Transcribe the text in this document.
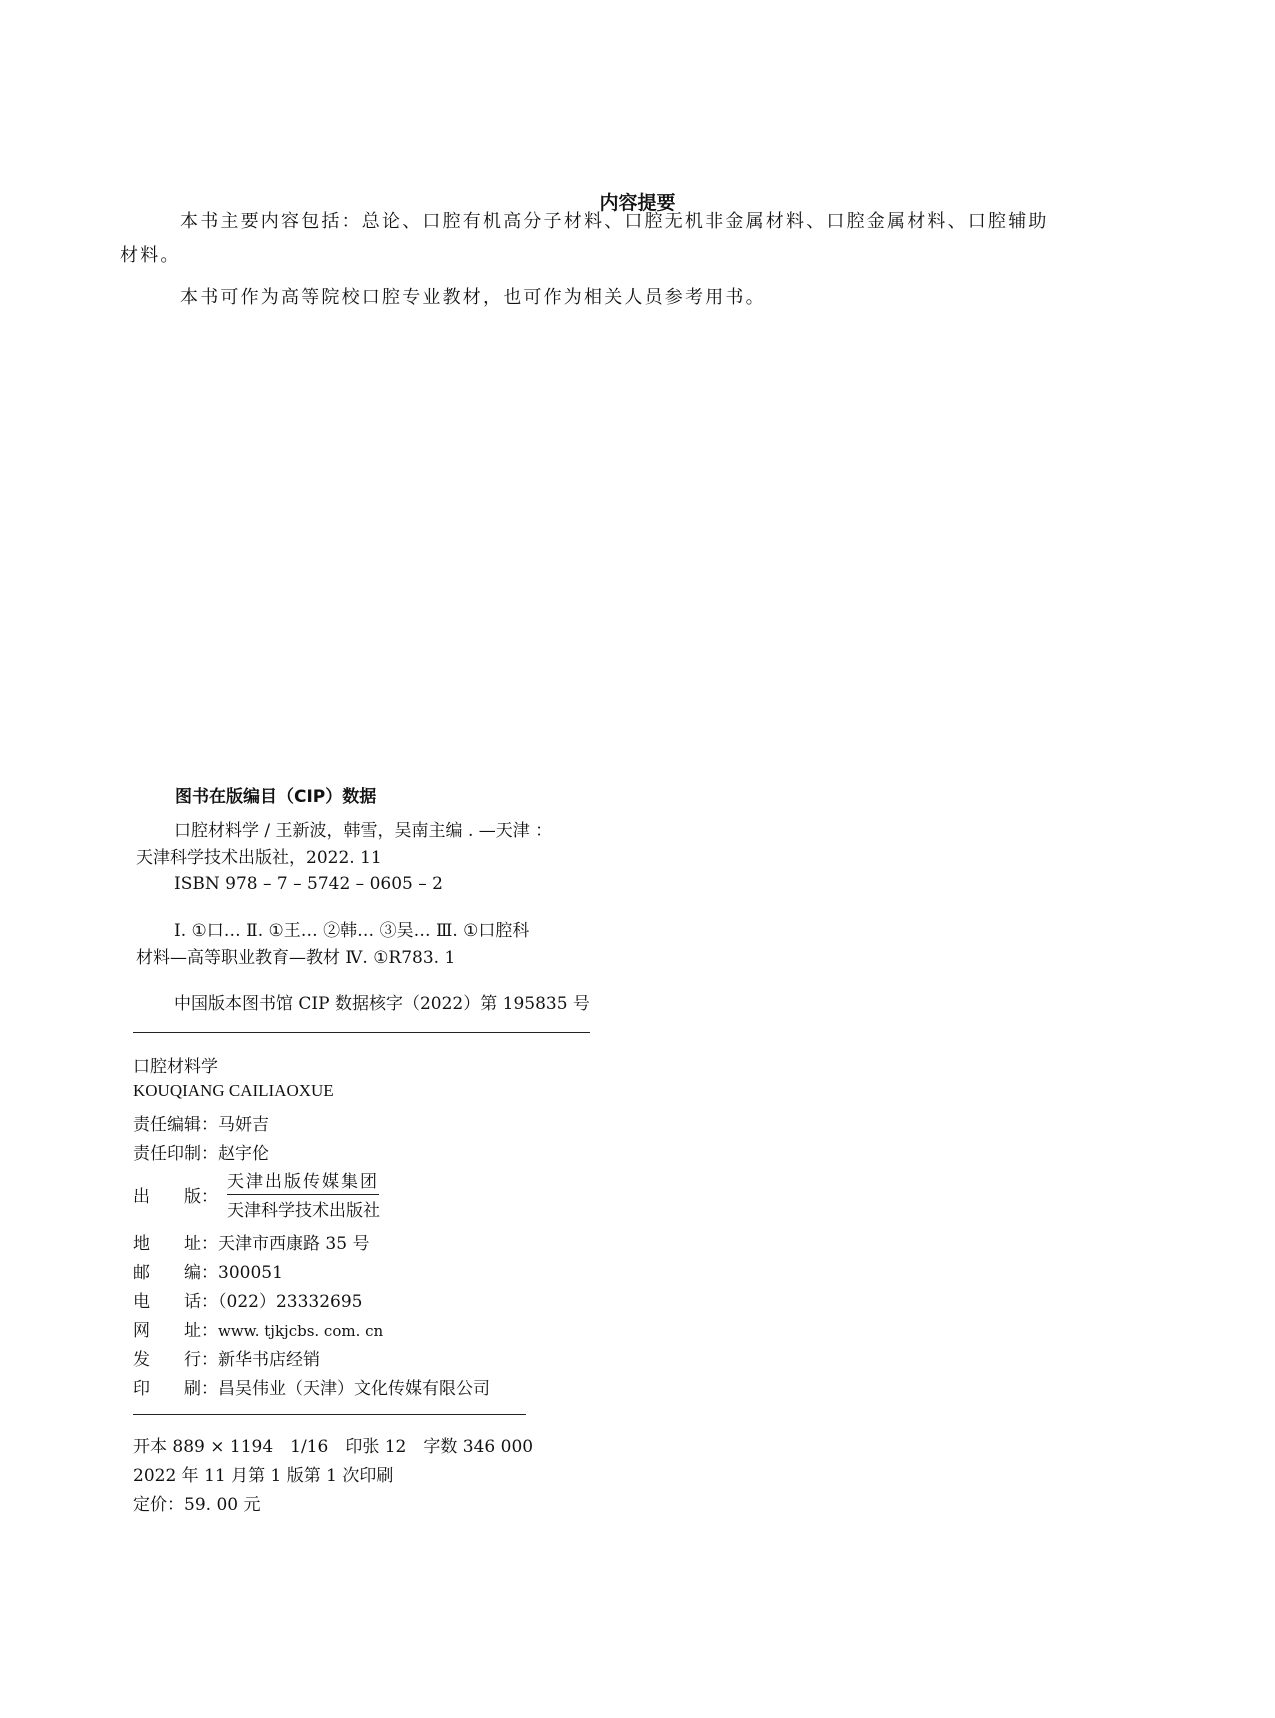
内容提要
本书主要内容包括：总论、口腔有机高分子材料、口腔无机非金属材料、口腔金属材料、口腔辅助
材料。
本书可作为高等院校口腔专业教材，也可作为相关人员参考用书。
图书在版编目（CIP）数据
口腔材料学 / 王新波，韩雪，吴南主编 . —天津 ：
天津科学技术出版社，2022. 11
ISBN 978 – 7 – 5742 – 0605 – 2
Ⅰ. ①口… Ⅱ. ①王… ②韩… ③吴… Ⅲ. ①口腔科
材料—高等职业教育—教材 Ⅳ. ①R783. 1
中国版本图书馆 CIP 数据核字（2022）第 195835 号
口腔材料学
KOUQIANG CAILIAOXUE
责任编辑：马妍吉
责任印制：赵宇伦
出　　版：
天津出版传媒集团
天津科学技术出版社
地　　址：天津市西康路 35 号
邮　　编：300051
电　　话：（022）23332695
网　　址：www. tjkjcbs. com. cn
发　　行：新华书店经销
印　　刷：昌吴伟业（天津）文化传媒有限公司
开本 889 × 1194　1/16　印张 12　字数 346 000
2022 年 11 月第 1 版第 1 次印刷
定价：59. 00 元
